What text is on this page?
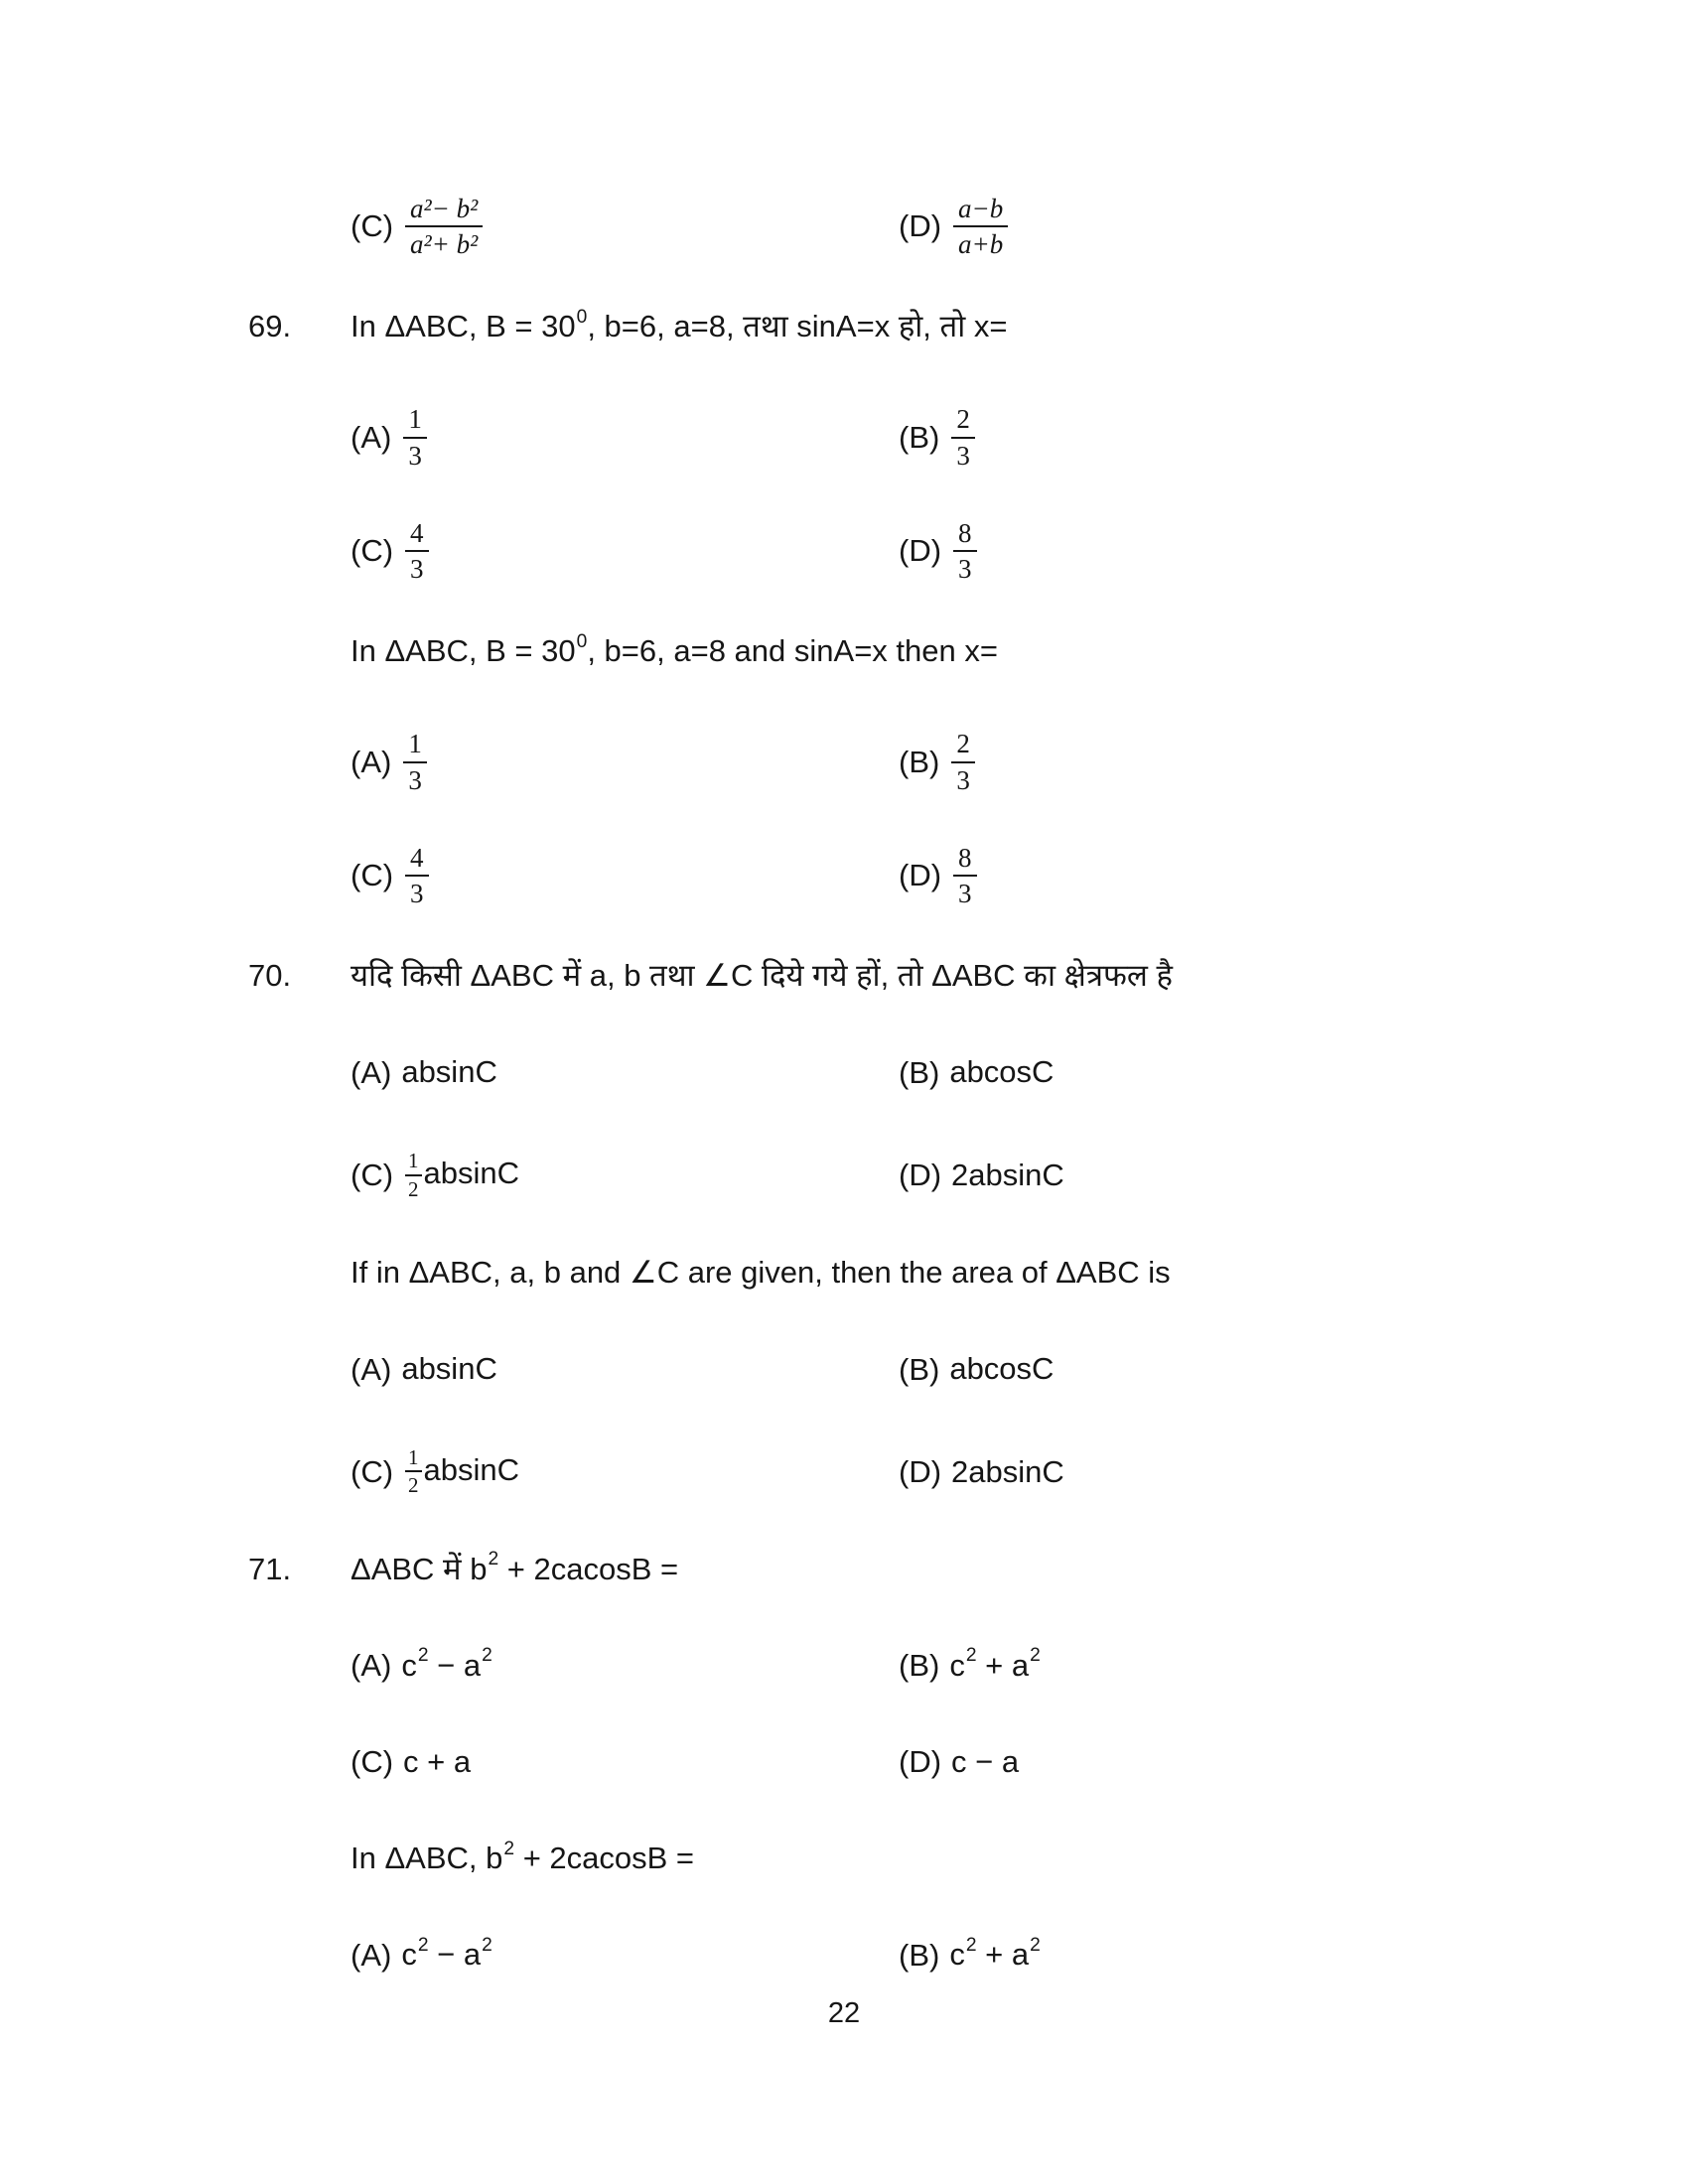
$(C) \frac{\text{a²− b²}}{\text{a²+ b²}}$	$(D) \frac{a-b}{a+b}$
69.	In ΔABC, $B = 30^0$, b=6, a=8, तथा sinA=x हो, तो x=
$(A) \frac{1}{3}$	$(B) \frac{2}{3}$
$(C) \frac{4}{3}$	$(D) \frac{8}{3}$
In ΔABC, $B = 30^0$, b=6, a=8 and sinA=x then x=
$(A) \frac{1}{3}$	$(B) \frac{2}{3}$
$(C) \frac{4}{3}$	$(D) \frac{8}{3}$
70.	यदि किसी ΔABC में a, b तथा ∠C दिये गये हों, तो ΔABC का क्षेत्रफल है
(A) absinC	(B) abcosC
$(C) \frac{1}{2}$ absinC	(D) 2absinC
If in ΔABC, a, b and ∠C are given, then the area of ΔABC is
(A) absinC	(B) abcosC
$(C) \frac{1}{2}$ absinC	(D) 2absinC
71.	ΔABC में $b^2 + 2cacosB$ =
(A) $c^2 - a^2$	(B) $c^2 + a^2$
(C) c + a	(D) c − a
In ΔABC, $b^2 + 2cacosB$ =
(A) $c^2 - a^2$	(B) $c^2 + a^2$
22
